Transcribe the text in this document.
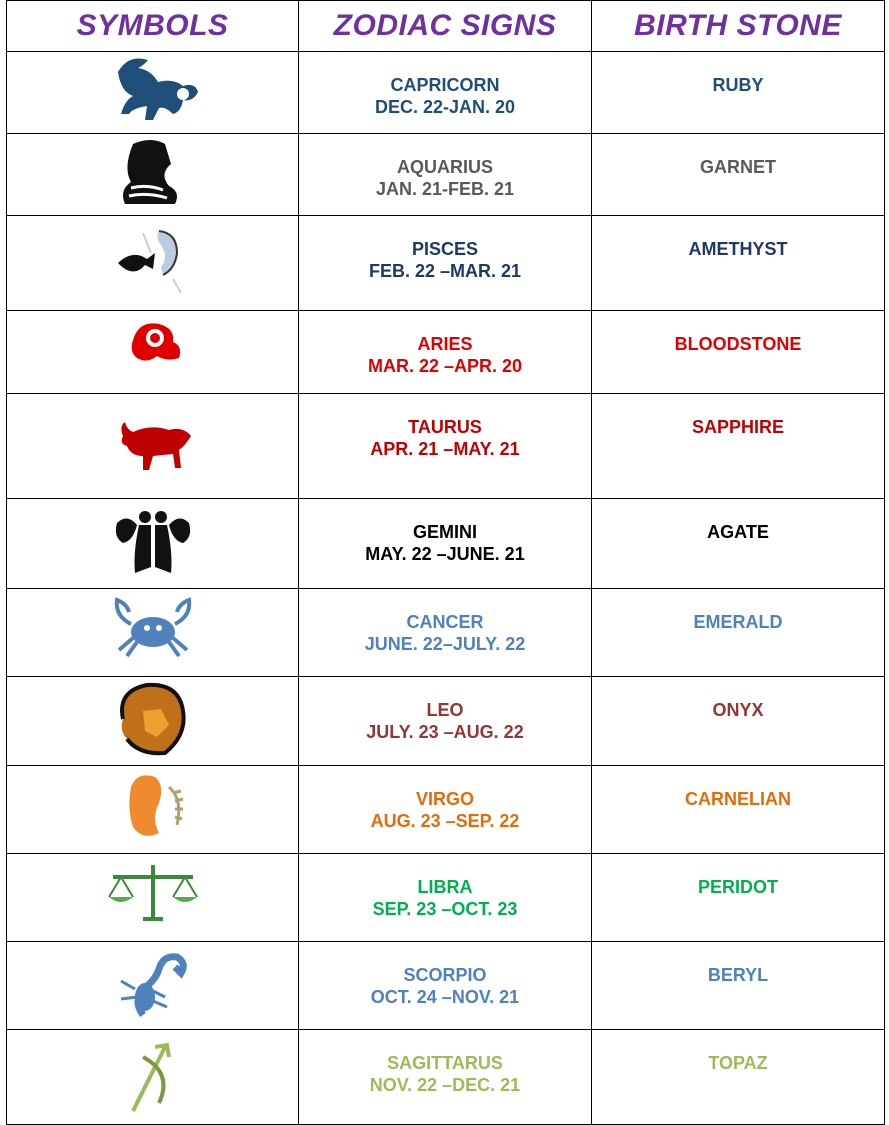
SYMBOLS	ZODIAC SIGNS	BIRTH STONE

CAPRICORN
DEC. 22-JAN. 20	RUBY

AQUARIUS
JAN. 21-FEB. 21	GARNET

PISCES
FEB. 22 –MAR. 21	AMETHYST

ARIES
MAR. 22 –APR. 20	BLOODSTONE

TAURUS
APR. 21 –MAY. 21	SAPPHIRE

GEMINI
MAY. 22 –JUNE. 21	AGATE

CANCER
JUNE. 22–JULY. 22	EMERALD

LEO
JULY. 23 –AUG. 22	ONYX

VIRGO
AUG. 23 –SEP. 22	CARNELIAN

LIBRA
SEP. 23 –OCT. 23	PERIDOT

SCORPIO
OCT. 24 –NOV. 21	BERYL

SAGITTARUS
NOV. 22 –DEC. 21	TOPAZ
